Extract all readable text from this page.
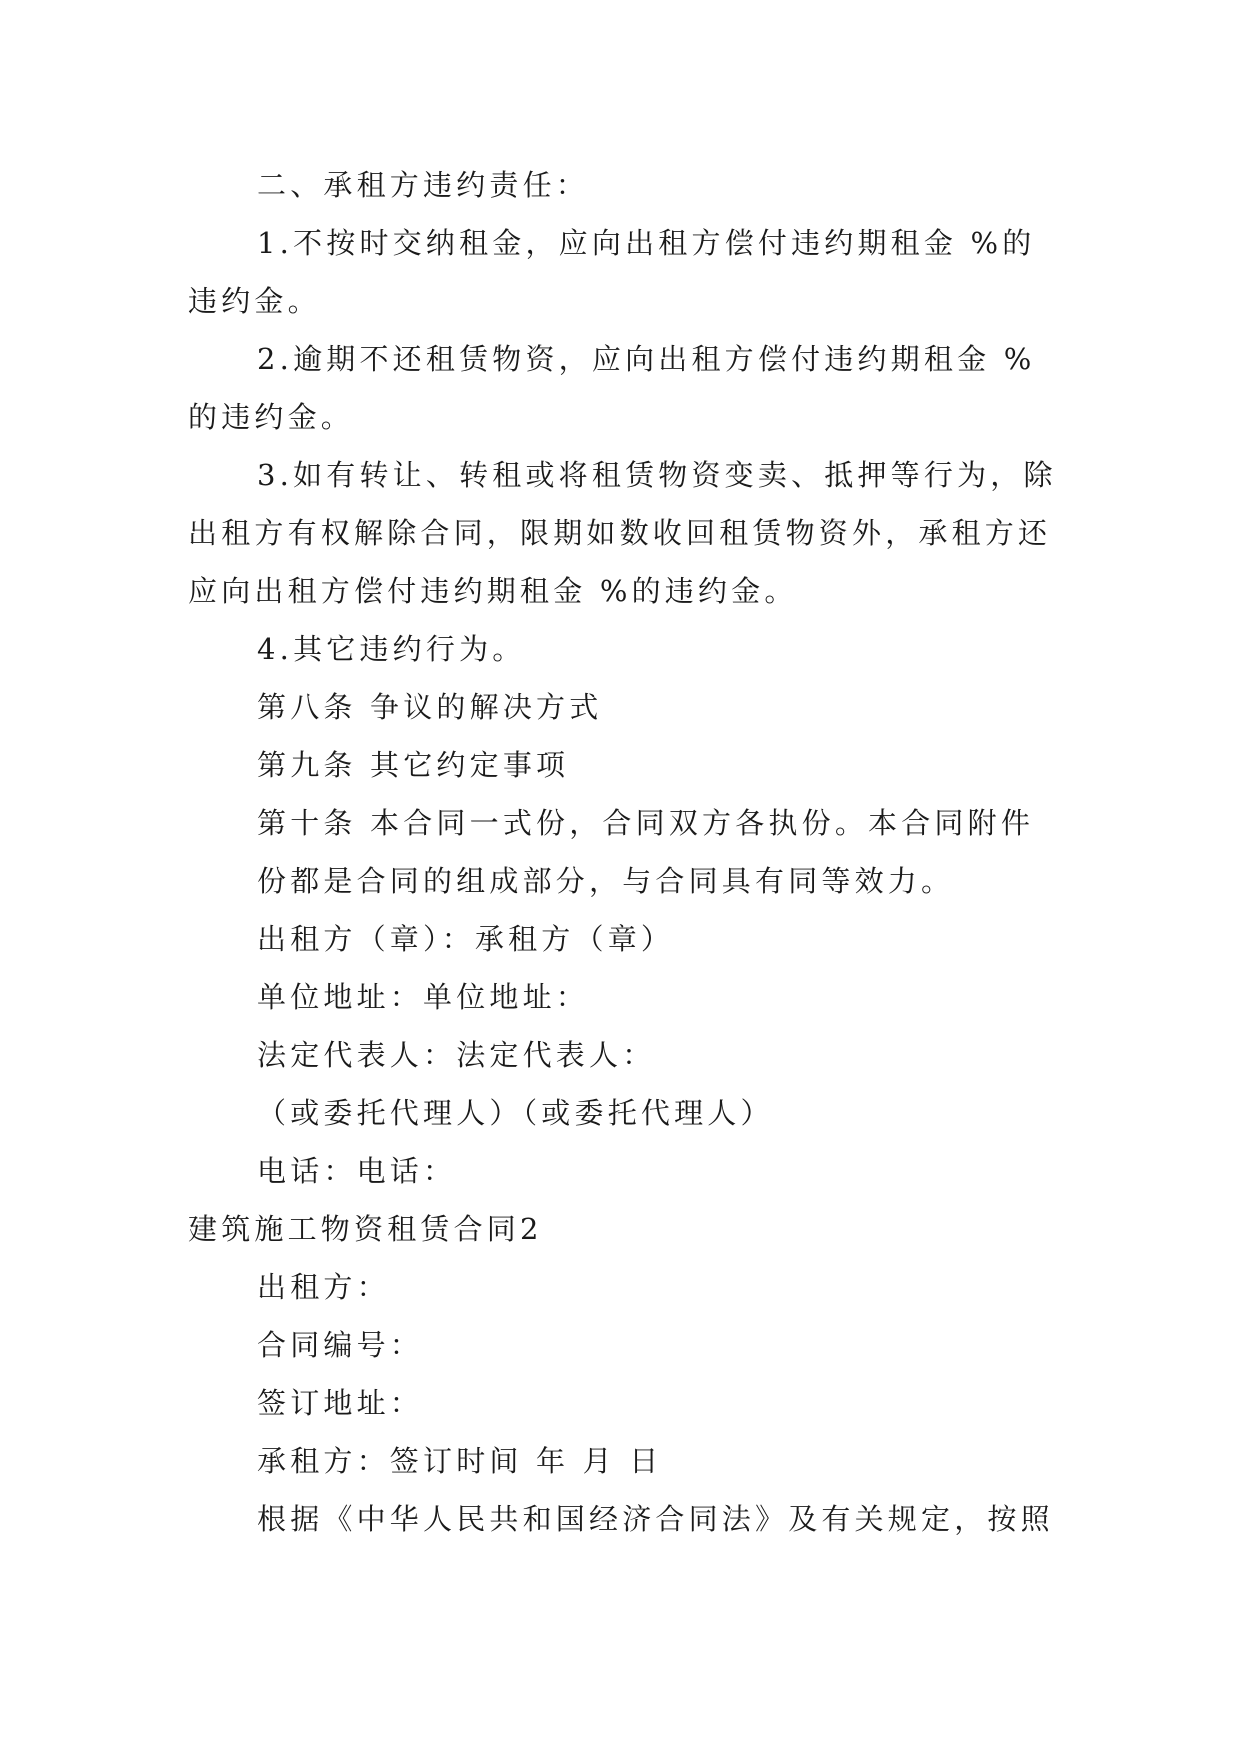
二、承租方违约责任：
1.不按时交纳租金，应向出租方偿付违约期租金 %的
违约金。
2.逾期不还租赁物资，应向出租方偿付违约期租金 %
的违约金。
3.如有转让、转租或将租赁物资变卖、抵押等行为，除
出租方有权解除合同，限期如数收回租赁物资外，承租方还
应向出租方偿付违约期租金 %的违约金。
4.其它违约行为。
第八条 争议的解决方式
第九条 其它约定事项
第十条 本合同一式份，合同双方各执份。本合同附件
份都是合同的组成部分，与合同具有同等效力。
出租方（章）：承租方（章）
单位地址：单位地址：
法定代表人：法定代表人：
（或委托代理人）（或委托代理人）
电话：电话：
建筑施工物资租赁合同2
出租方：
合同编号：
签订地址：
承租方：签订时间 年 月 日
根据《中华人民共和国经济合同法》及有关规定，按照
